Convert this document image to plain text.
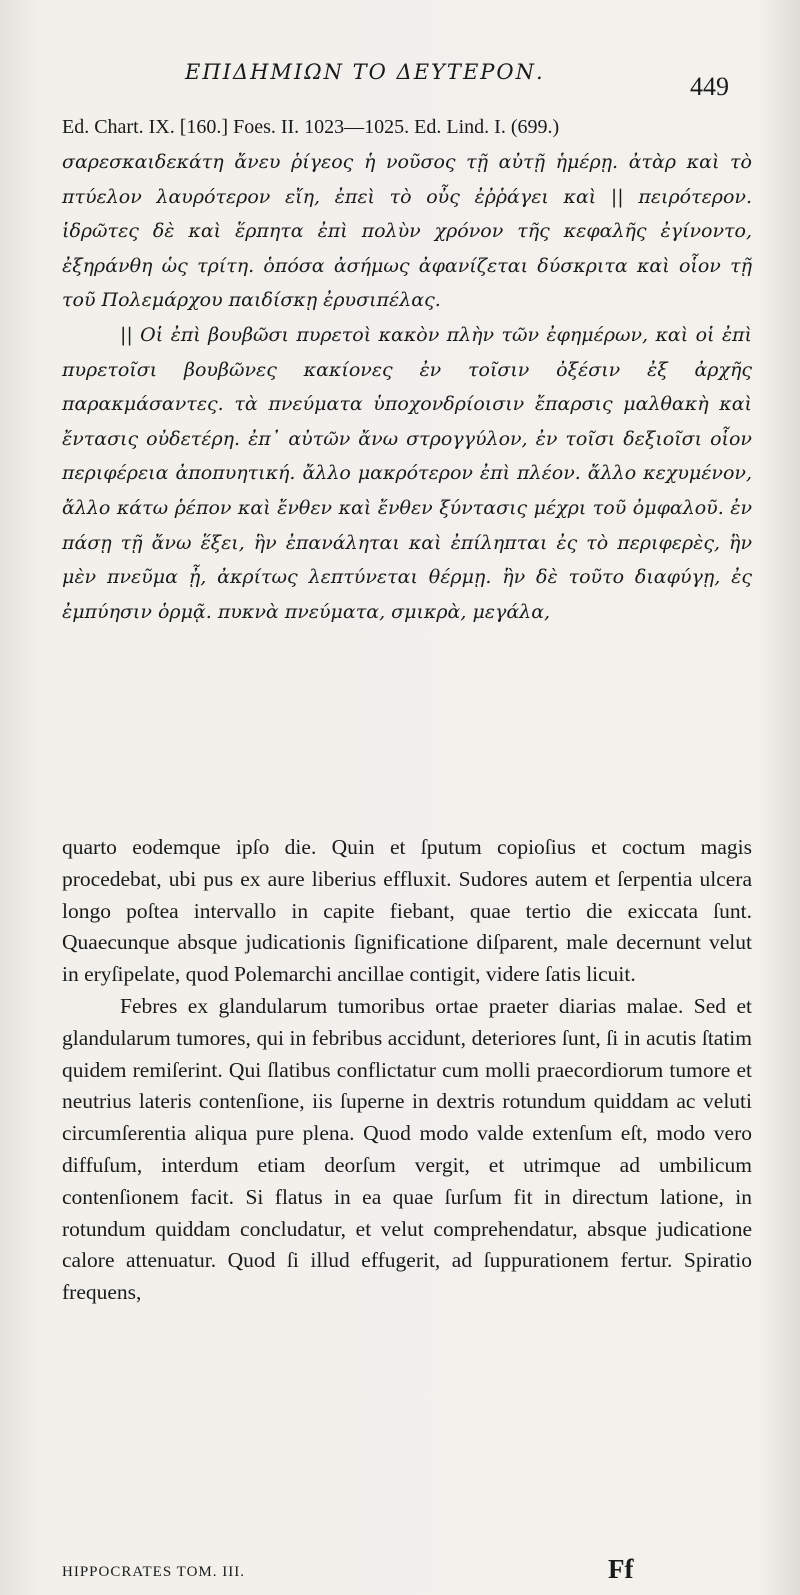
ΕΠΙΔΗΜΙΩΝ ΤΟ ΔΕΥΤΕΡΟΝ.	449
Ed. Chart. IX. [160.] Foes. II. 1023—1025. Ed. Lind. I. (699.)

σαρεσκαιδεκάτη ἄνευ ῥίγεος ἡ νοῦσος τῇ αὐτῇ ἡμέρῃ. ἀτὰρ καὶ τὸ πτύελον λαυρότερον εἴη, ἐπεὶ τὸ οὖς ἐῤῥάγει καὶ || πειρότερον. ἱδρῶτες δὲ καὶ ἕρπητα ἐπὶ πολὺν χρόνον τῆς κεφαλῆς ἐγίνοντο, ἐξηράνθη ὡς τρίτη. ὁπόσα ἀσήμως ἀφανίζεται δύσκριτα καὶ οἷον τῇ τοῦ Πολεμάρχου παιδίσκῃ ἐρυσιπέλας.

|| Οἱ ἐπὶ βουβῶσι πυρετοὶ κακὸν πλὴν τῶν ἐφημέρων, καὶ οἱ ἐπὶ πυρετοῖσι βουβῶνες κακίονες ἐν τοῖσιν ὀξέσιν ἐξ ἀρχῆς παρακμάσαντες. τὰ πνεύματα ὑποχονδρίοισιν ἔπαρσις μαλθακὴ καὶ ἔντασις οὐδετέρη. ἐπ᾽ αὐτῶν ἄνω στρογγύλον, ἐν τοῖσι δεξιοῖσι οἷον περιφέρεια ἀποπυητική. ἄλλο μακρότερον ἐπὶ πλέον. ἄλλο κεχυμένον, ἄλλο κάτω ῥέπον καὶ ἔνθεν καὶ ἔνθεν ξύντασις μέχρι τοῦ ὀμφαλοῦ. ἐν πάσῃ τῇ ἄνω ἕξει, ἣν ἐπανάληται καὶ ἐπίληπται ἐς τὸ περιφερὲς, ἣν μὲν πνεῦμα ᾖ, ἀκρίτως λεπτύνεται θέρμῃ. ἣν δὲ τοῦτο διαφύγῃ, ἐς ἐμπύησιν ὁρμᾷ. πυκνὰ πνεύματα, σμικρὰ, μεγάλα,

quarto eodemque ipſo die. Quin et ſputum copioſius et coctum magis procedebat, ubi pus ex aure liberius effluxit. Sudores autem et ſerpentia ulcera longo poſtea intervallo in capite fiebant, quae tertio die exiccata ſunt. Quaecunque absque judicationis ſignificatione diſparent, male decernunt velut in eryſipelate, quod Polemarchi ancillae contigit, videre ſatis licuit.

Febres ex glandularum tumoribus ortae praeter diarias malae. Sed et glandularum tumores, qui in febribus accidunt, deteriores ſunt, ſi in acutis ſtatim quidem remiſerint. Qui ſlatibus conflictatur cum molli praecordiorum tumore et neutrius lateris contenſione, iis ſuperne in dextris rotundum quiddam ac veluti circumſerentia aliqua pure plena. Quod modo valde extenſum eſt, modo vero diffuſum, interdum etiam deorſum vergit, et utrimque ad umbilicum contenſionem facit. Si flatus in ea quae ſurſum fit in directum latione, in rotundum quiddam concludatur, et velut comprehendatur, absque judicatione calore attenuatur. Quod ſi illud effugerit, ad ſuppurationem fertur. Spiratio frequens,

HIPPOCRATES TOM. III.	Ff
